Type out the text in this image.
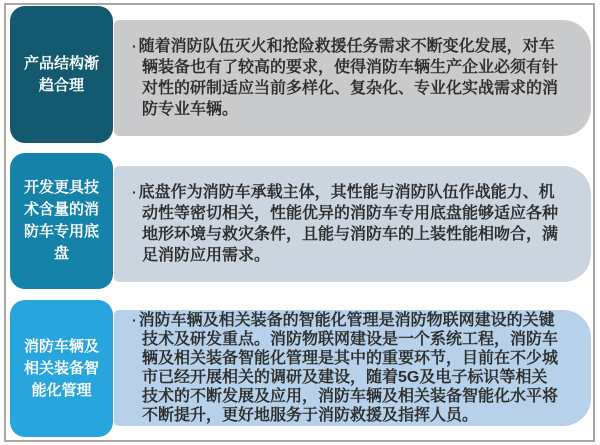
产品结构渐趋合理
· 随着消防队伍灭火和抢险救援任务需求不断变化发展，对车辆装备也有了较高的要求，使得消防车辆生产企业必须有针对性的研制适应当前多样化、复杂化、专业化实战需求的消防专业车辆。
开发更具技术含量的消防车专用底盘
· 底盘作为消防车承载主体，其性能与消防队伍作战能力、机动性等密切相关，性能优异的消防车专用底盘能够适应各种地形环境与救灾条件，且能与消防车的上装性能相吻合，满足消防应用需求。
消防车辆及相关装备智能化管理
· 消防车辆及相关装备的智能化管理是消防物联网建设的关键技术及研发重点。消防物联网建设是一个系统工程，消防车辆及相关装备智能化管理是其中的重要环节，目前在不少城市已经开展相关的调研及建设，随着5G及电子标识等相关技术的不断发展及应用，消防车辆及相关装备智能化水平将不断提升，更好地服务于消防救援及指挥人员。
